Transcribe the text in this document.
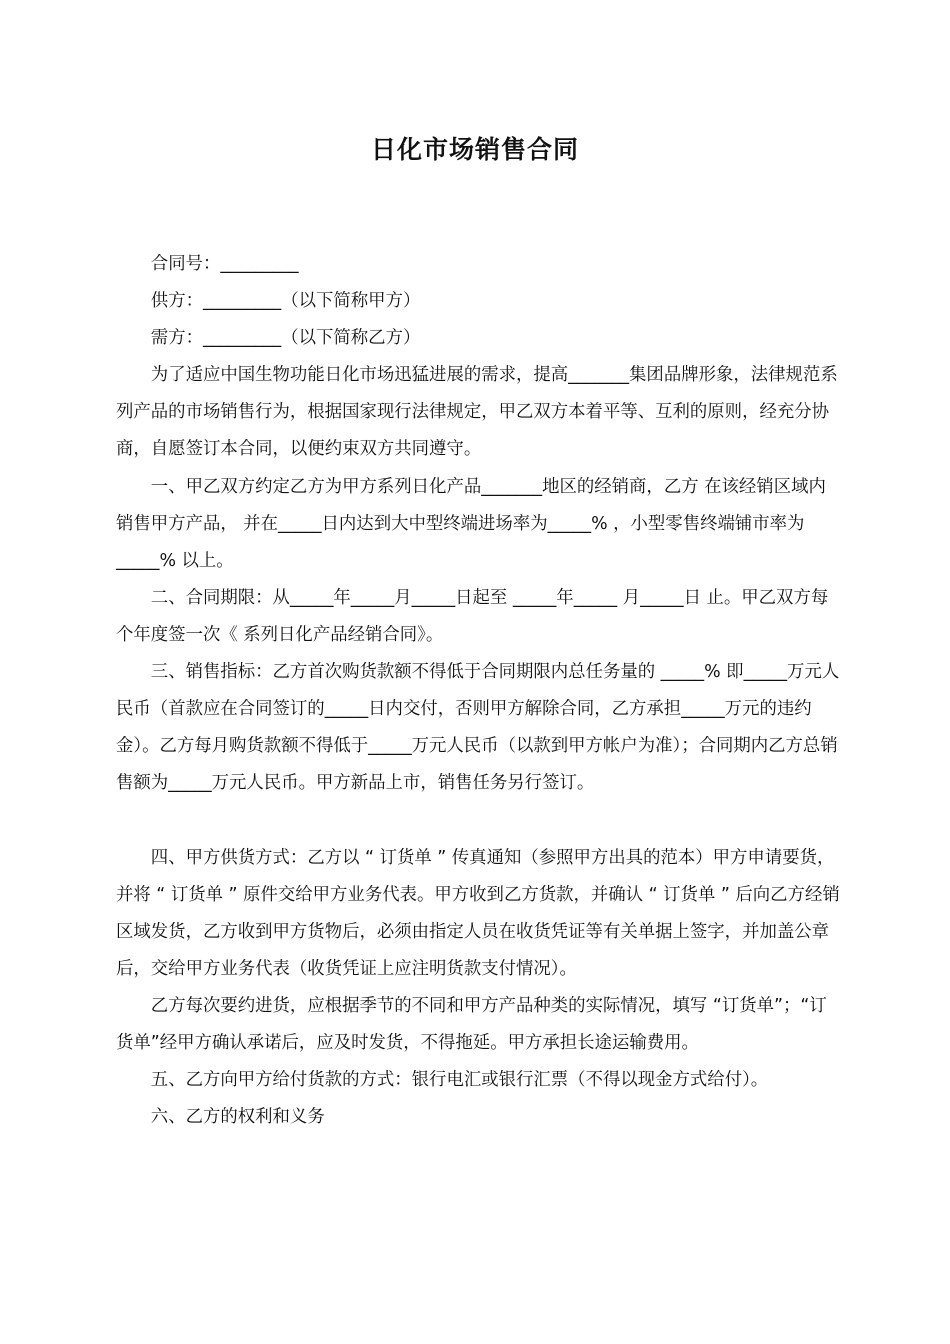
日化市场销售合同

合同号：_________

供方：_________（以下简称甲方）

需方：_________（以下简称乙方）

为了适应中国生物功能日化市场迅猛进展的需求，提高_______集团品牌形象，法律规范系列产品的市场销售行为，根据国家现行法律规定，甲乙双方本着平等、互利的原则，经充分协商，自愿签订本合同，以便约束双方共同遵守。

一、甲乙双方约定乙方为甲方系列日化产品_______地区的经销商，乙方 在该经销区域内销售甲方产品， 并在_____日内达到大中型终端进场率为_____% ，小型零售终端铺市率为 _____% 以上。

二、合同期限：从_____年_____月_____日起至 _____年_____ 月_____日 止。甲乙双方每个年度签一次《 系列日化产品经销合同》。

三、销售指标：乙方首次购货款额不得低于合同期限内总任务量的 _____% 即_____万元人民币（首款应在合同签订的_____日内交付，否则甲方解除合同，乙方承担_____万元的违约金）。乙方每月购货款额不得低于_____万元人民币（以款到甲方帐户为准）；合同期内乙方总销售额为_____万元人民币。甲方新品上市，销售任务另行签订。

四、甲方供货方式：乙方以 “ 订货单 ” 传真通知（参照甲方出具的范本）甲方申请要货，并将 “ 订货单 ” 原件交给甲方业务代表。甲方收到乙方货款，并确认 “ 订货单 ” 后向乙方经销区域发货，乙方收到甲方货物后，必须由指定人员在收货凭证等有关单据上签字，并加盖公章后，交给甲方业务代表（收货凭证上应注明货款支付情况）。

乙方每次要约进货，应根据季节的不同和甲方产品种类的实际情况，填写 “订货单”；“订货单”经甲方确认承诺后，应及时发货，不得拖延。甲方承担长途运输费用。

五、乙方向甲方给付货款的方式：银行电汇或银行汇票（不得以现金方式给付）。

六、乙方的权利和义务
